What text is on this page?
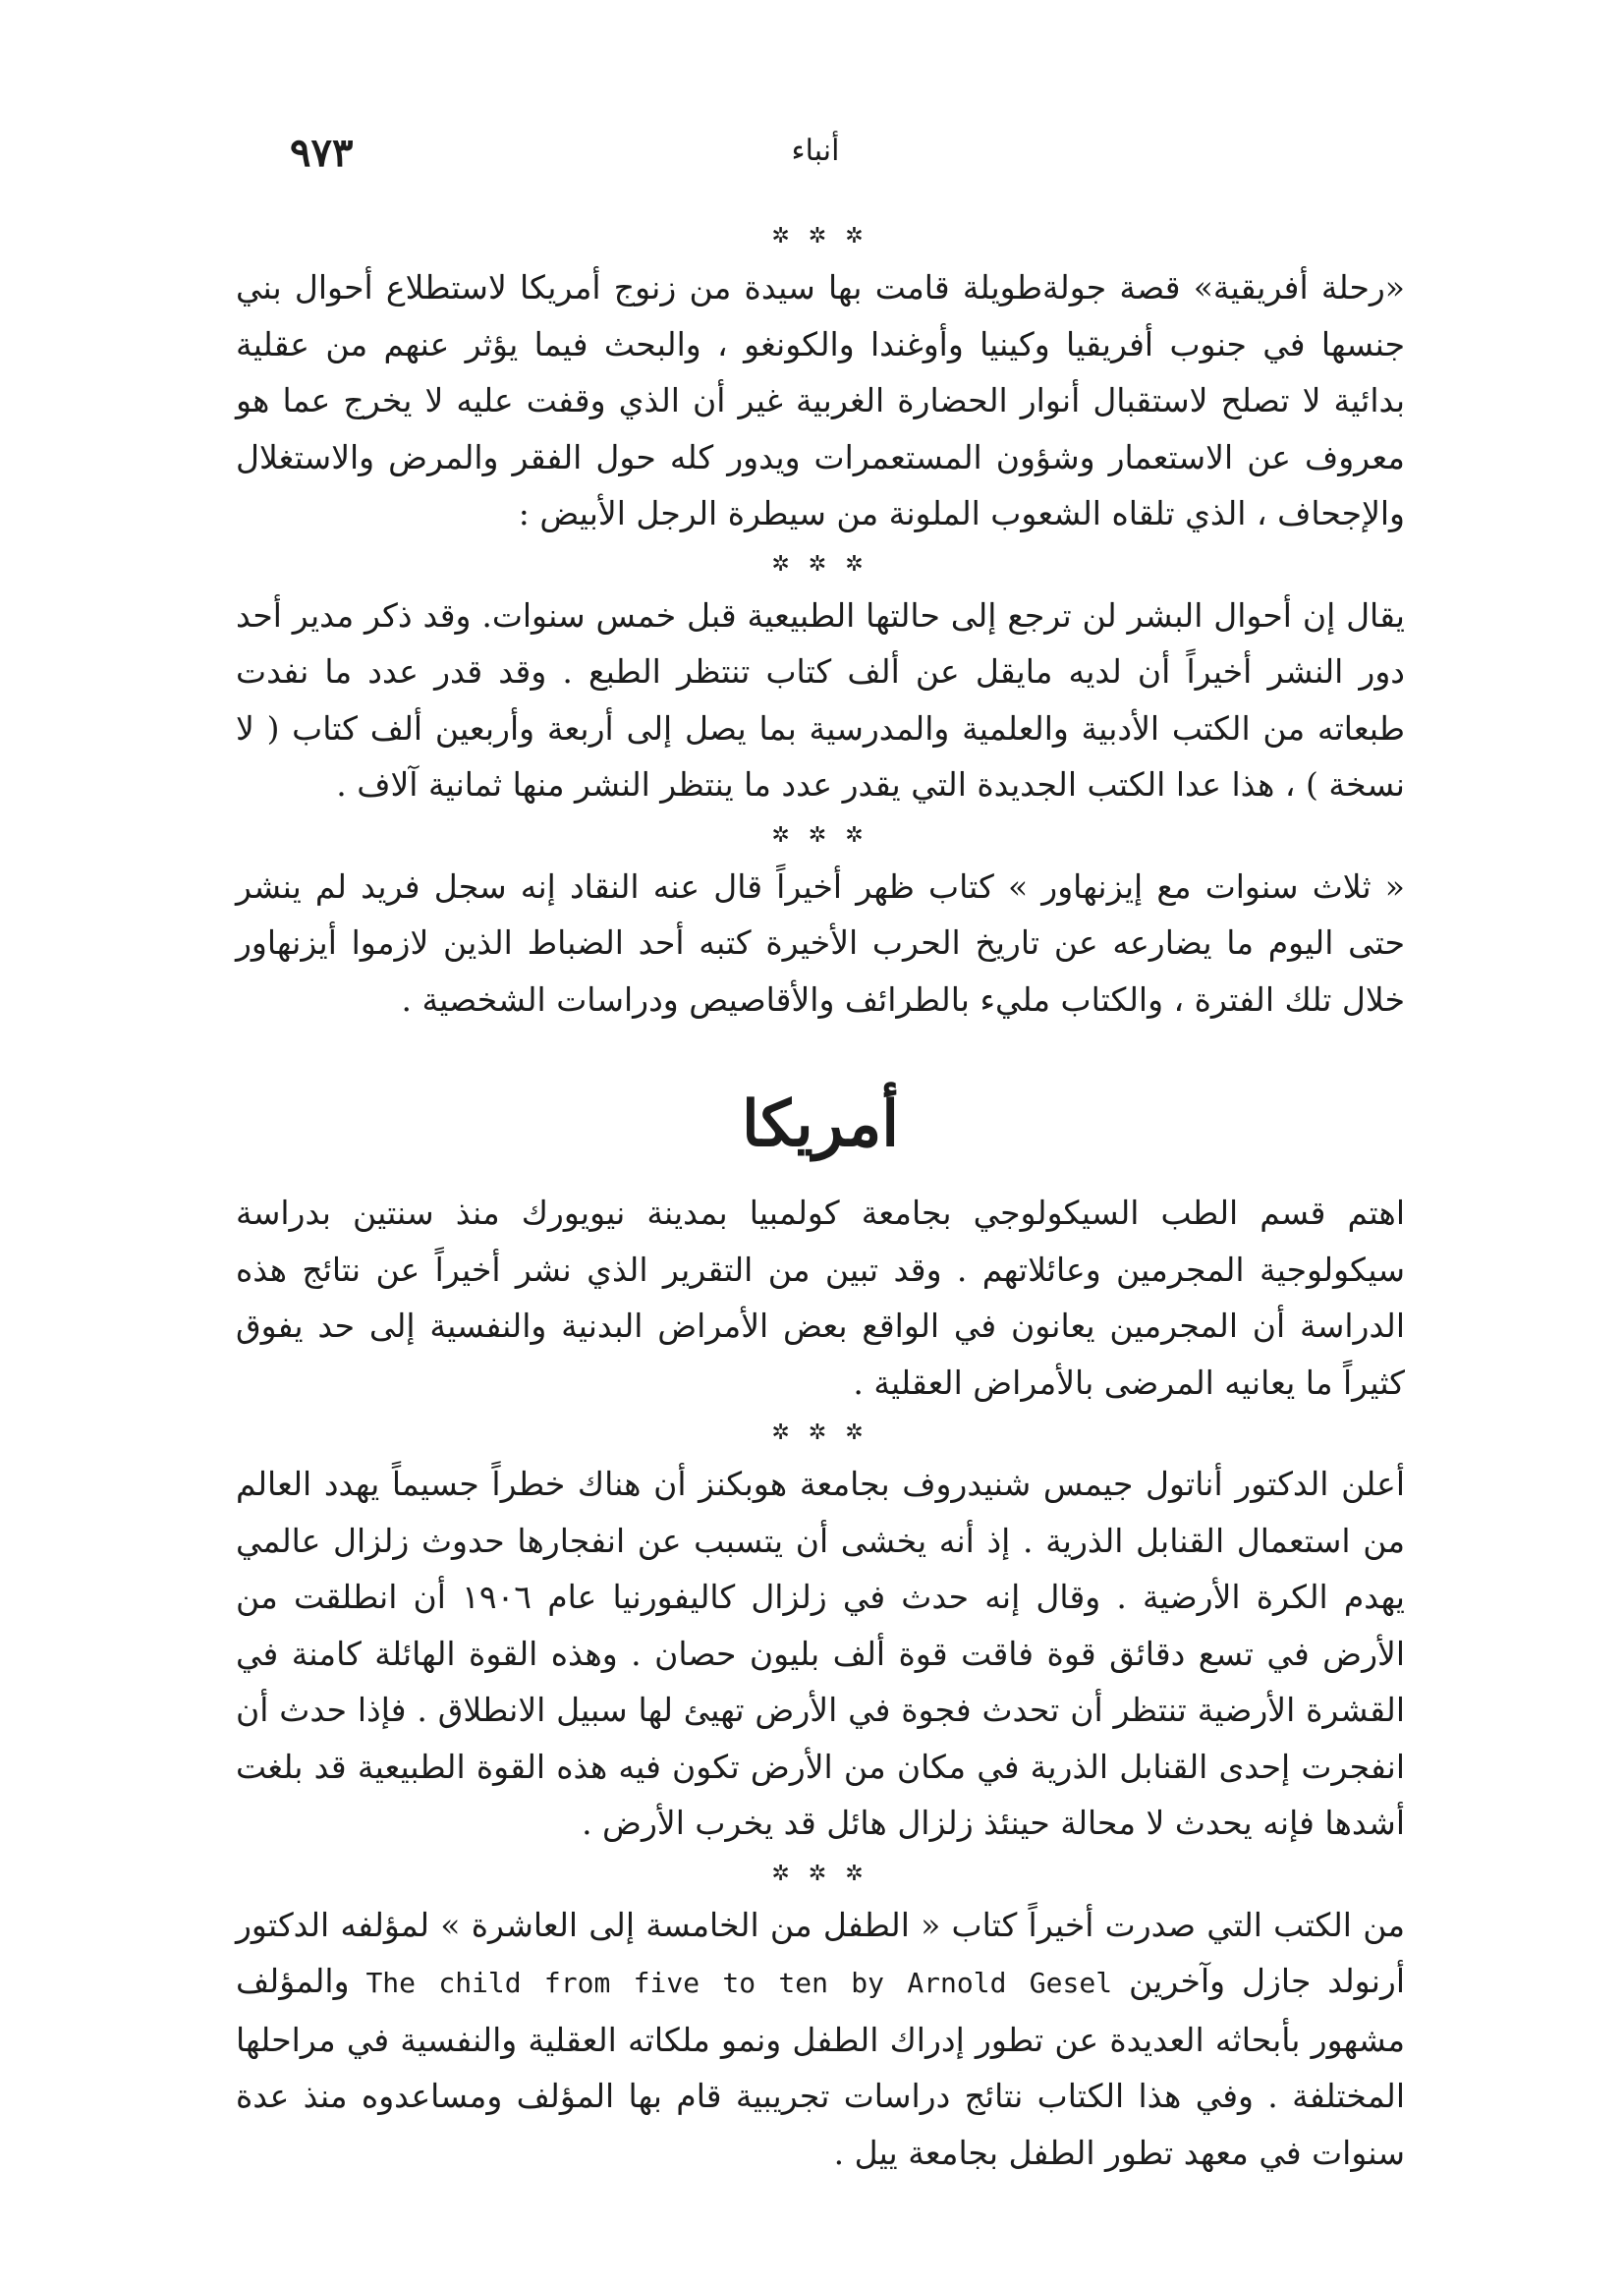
٩٧٣	أنباء
✲ ✲ ✲

«رحلة أفريقية» قصة جولةطويلة قامت بها سيدة من زنوج أمريكا لاستطلاع أحوال بني جنسها في جنوب أفريقيا وكينيا وأوغندا والكونغو ، والبحث فيما يؤثر عنهم من عقلية بدائية لا تصلح لاستقبال أنوار الحضارة الغربية غير أن الذي وقفت عليه لا يخرج عما هو معروف عن الاستعمار وشؤون المستعمرات ويدور كله حول الفقر والمرض والاستغلال والإجحاف ، الذي تلقاه الشعوب الملونة من سيطرة الرجل الأبيض :

✲ ✲ ✲

يقال إن أحوال البشر لن ترجع إلى حالتها الطبيعية قبل خمس سنوات. وقد ذكر مدير أحد دور النشر أخيراً أن لديه مايقل عن ألف كتاب تنتظر الطبع . وقد قدر عدد ما نفدت طبعاته من الكتب الأدبية والعلمية والمدرسية بما يصل إلى أربعة وأربعين ألف كتاب ( لا نسخة ) ، هذا عدا الكتب الجديدة التي يقدر عدد ما ينتظر النشر منها ثمانية آلاف .

✲ ✲ ✲

« ثلاث سنوات مع إيزنهاور » كتاب ظهر أخيراً قال عنه النقاد إنه سجل فريد لم ينشر حتى اليوم ما يضارعه عن تاريخ الحرب الأخيرة كتبه أحد الضباط الذين لازموا أيزنهاور خلال تلك الفترة ، والكتاب مليء بالطرائف والأقاصيص ودراسات الشخصية .

أمريكا

اهتم قسم الطب السيكولوجي بجامعة كولمبيا بمدينة نيويورك منذ سنتين بدراسة سيكولوجية المجرمين وعائلاتهم . وقد تبين من التقرير الذي نشر أخيراً عن نتائج هذه الدراسة أن المجرمين يعانون في الواقع بعض الأمراض البدنية والنفسية إلى حد يفوق كثيراً ما يعانيه المرضى بالأمراض العقلية .

✲ ✲ ✲

أعلن الدكتور أناتول جيمس شنيدروف بجامعة هوبكنز أن هناك خطراً جسيماً يهدد العالم من استعمال القنابل الذرية . إذ أنه يخشى أن يتسبب عن انفجارها حدوث زلزال عالمي يهدم الكرة الأرضية . وقال إنه حدث في زلزال كاليفورنيا عام ١٩٠٦ أن انطلقت من الأرض في تسع دقائق قوة فاقت قوة ألف بليون حصان . وهذه القوة الهائلة كامنة في القشرة الأرضية تنتظر أن تحدث فجوة في الأرض تهيئ لها سبيل الانطلاق . فإذا حدث أن انفجرت إحدى القنابل الذرية في مكان من الأرض تكون فيه هذه القوة الطبيعية قد بلغت أشدها فإنه يحدث لا محالة حينئذ زلزال هائل قد يخرب الأرض .

✲ ✲ ✲

من الكتب التي صدرت أخيراً كتاب « الطفل من الخامسة إلى العاشرة » لمؤلفه الدكتور أرنولد جازل وآخرين The child from five to ten by Arnold Gesel والمؤلف مشهور بأبحاثه العديدة عن تطور إدراك الطفل ونمو ملكاته العقلية والنفسية في مراحلها المختلفة . وفي هذا الكتاب نتائج دراسات تجريبية قام بها المؤلف ومساعدوه منذ عدة سنوات في معهد تطور الطفل بجامعة ييل .
